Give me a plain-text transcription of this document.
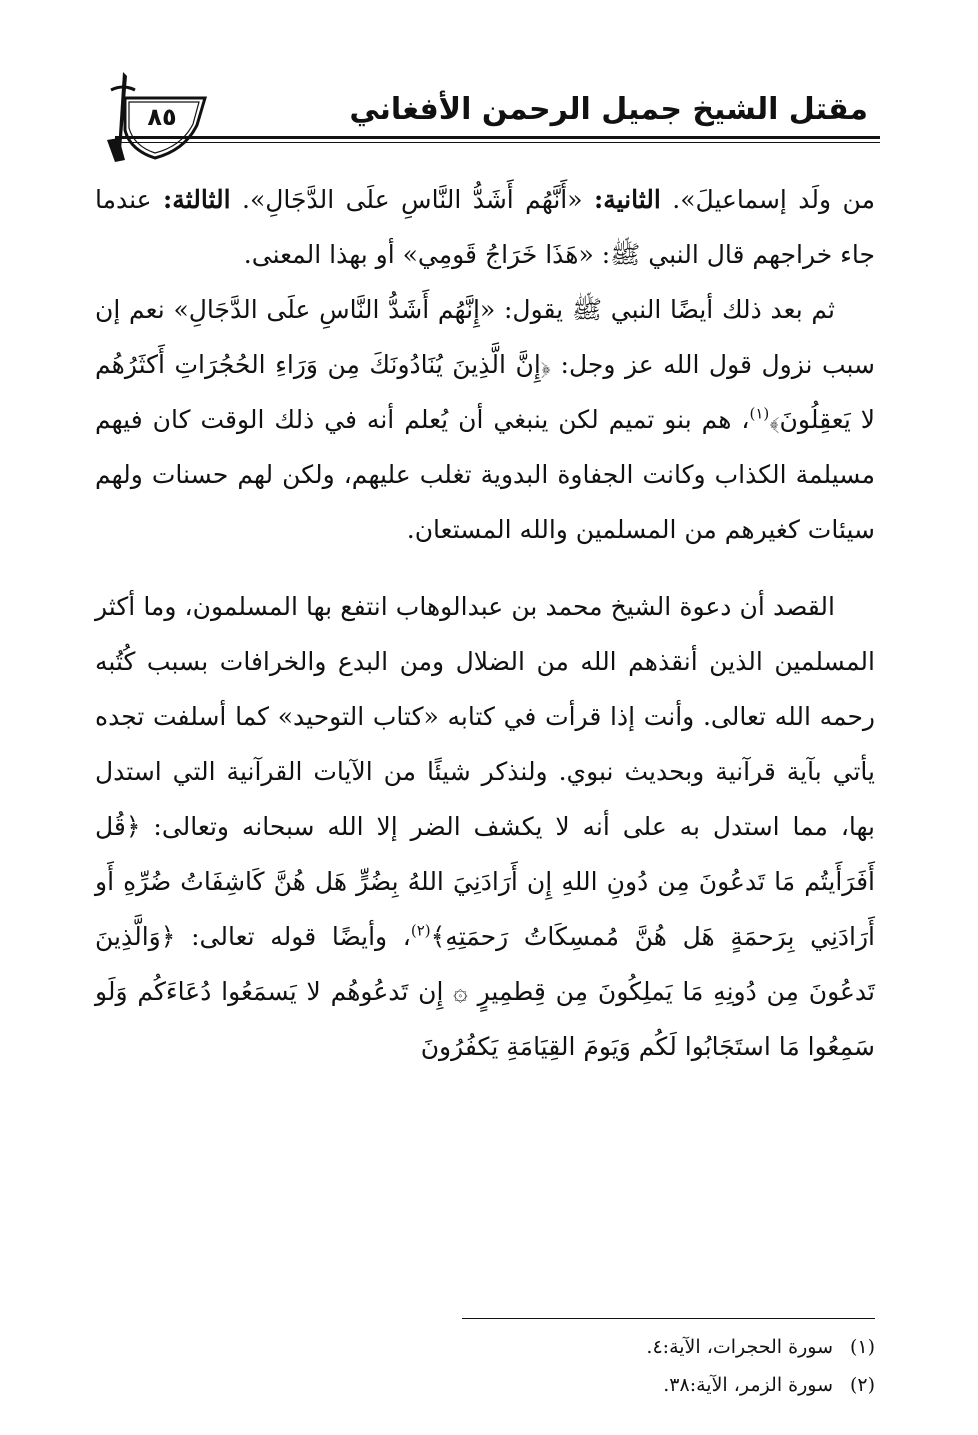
٨٥	مقتل الشيخ جميل الرحمن الأفغاني

من ولَد إسماعيلَ». الثانية: «أَنَّهُم أَشَدُّ النَّاسِ علَى الدَّجَالِ». الثالثة: عندما جاء خراجهم قال النبي ﷺ: «هَذَا خَرَاجُ قَومِي» أو بهذا المعنى.

ثم بعد ذلك أيضًا النبي ﷺ يقول: «إِنَّهُم أَشَدُّ النَّاسِ علَى الدَّجَالِ» نعم إن سبب نزول قول الله عز وجل: ﴿إِنَّ الَّذِينَ يُنَادُونَكَ مِن وَرَاءِ الحُجُرَاتِ أَكثَرُهُم لا يَعقِلُونَ﴾$^{(١)}$، هم بنو تميم لكن ينبغي أن يُعلم أنه في ذلك الوقت كان فيهم مسيلمة الكذاب وكانت الجفاوة البدوية تغلب عليهم، ولكن لهم حسنات ولهم سيئات كغيرهم من المسلمين والله المستعان.

القصد أن دعوة الشيخ محمد بن عبدالوهاب انتفع بها المسلمون، وما أكثر المسلمين الذين أنقذهم الله من الضلال ومن البدع والخرافات بسبب كُتُبه رحمه الله تعالى. وأنت إذا قرأت في كتابه «كتاب التوحيد» كما أسلفت تجده يأتي بآية قرآنية وبحديث نبوي. ولنذكر شيئًا من الآيات القرآنية التي استدل بها، مما استدل به على أنه لا يكشف الضر إلا الله سبحانه وتعالى: ﴿قُل أَفَرَأَيتُم مَا تَدعُونَ مِن دُونِ اللهِ إِن أَرَادَنِيَ اللهُ بِضُرٍّ هَل هُنَّ كَاشِفَاتُ ضُرِّهِ أَو أَرَادَنِي بِرَحمَةٍ هَل هُنَّ مُمسِكَاتُ رَحمَتِهِ﴾$^{(٢)}$، وأيضًا قوله تعالى: ﴿وَالَّذِينَ تَدعُونَ مِن دُونِهِ مَا يَملِكُونَ مِن قِطمِيرٍ ۞ إِن تَدعُوهُم لا يَسمَعُوا دُعَاءَكُم وَلَو سَمِعُوا مَا استَجَابُوا لَكُم وَيَومَ القِيَامَةِ يَكفُرُونَ

(١)سورة الحجرات، الآية:٤.
(٢)سورة الزمر، الآية:٣٨.
